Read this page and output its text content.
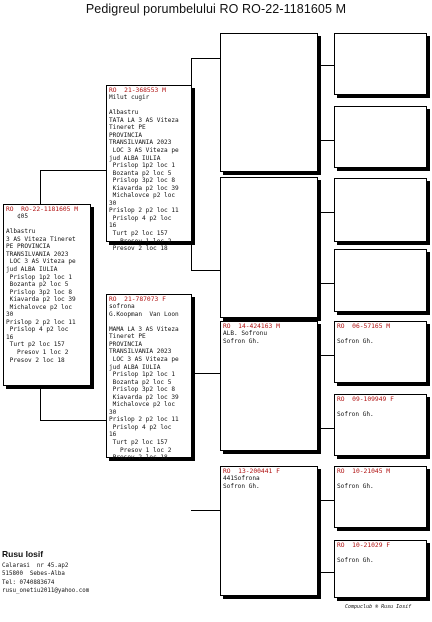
Pedigreul porumbelului RO RO-22-1181605 M
RO  RO-22-1181605 M
¢05
Albastru
3 AS Viteza Tineret
PE PROVINCIA
TRANSILVANIA 2023
LOC 3 AS Viteza pe
jud ALBA IULIA
Prislop 1p2 loc 1
Bozanta p2 loc 5
Prislop 3p2 loc 8
Kiavarda p2 loc 39
Michalovce p2 loc
30
Prislop 2 p2 loc 11
Prislop 4 p2 loc
16
Turt p2 loc 157
Presov 1 loc 2
Presov 2 loc 18
RO  21-368553 M
Milut cugir
Albastru
TATA LA 3 AS Viteza
Tineret PE
PROVINCIA
TRANSILVANIA 2023
LOC 3 AS Viteza pe
jud ALBA IULIA
Prislop 1p2 loc 1
Bozanta p2 loc 5
Prislop 3p2 loc 8
Kiavarda p2 loc 39
Michalovce p2 loc
30
Prislop 2 p2 loc 11
Prislop 4 p2 loc
16
Turt p2 loc 157
Presov 1 loc 2
Presov 2 loc 18
RO  21-787073 F
sofrona
G.Koopman  Van Loon
MAMA LA 3 AS Viteza
Tineret PE
PROVINCIA
TRANSILVANIA 2023
LOC 3 AS Viteza pe
jud ALBA IULIA
Prislop 1p2 loc 1
Bozanta p2 loc 5
Prislop 3p2 loc 8
Kiavarda p2 loc 39
Michalovce p2 loc
30
Prislop 2 p2 loc 11
Prislop 4 p2 loc
16
Turt p2 loc 157
Presov 1 loc 2
Presov 2 loc 18
RO  14-424163 M
ALB. Sofronu
Sofron Gh.
RO  13-200441 F
441Sofrona
Sofron Gh.
RO  06-57165 M
Sofron Gh.
RO  09-109949 F
Sofron Gh.
RO  10-21045 M
Sofron Gh.
RO  10-21029 F
Sofron Gh.
Rusu Iosif
Calarasi  nr 45.ap2
515800  Sebes-Alba
Tel: 0740883674
rusu_onetiu2011@yahoo.com
Compuclub ® Rusu Iosif
